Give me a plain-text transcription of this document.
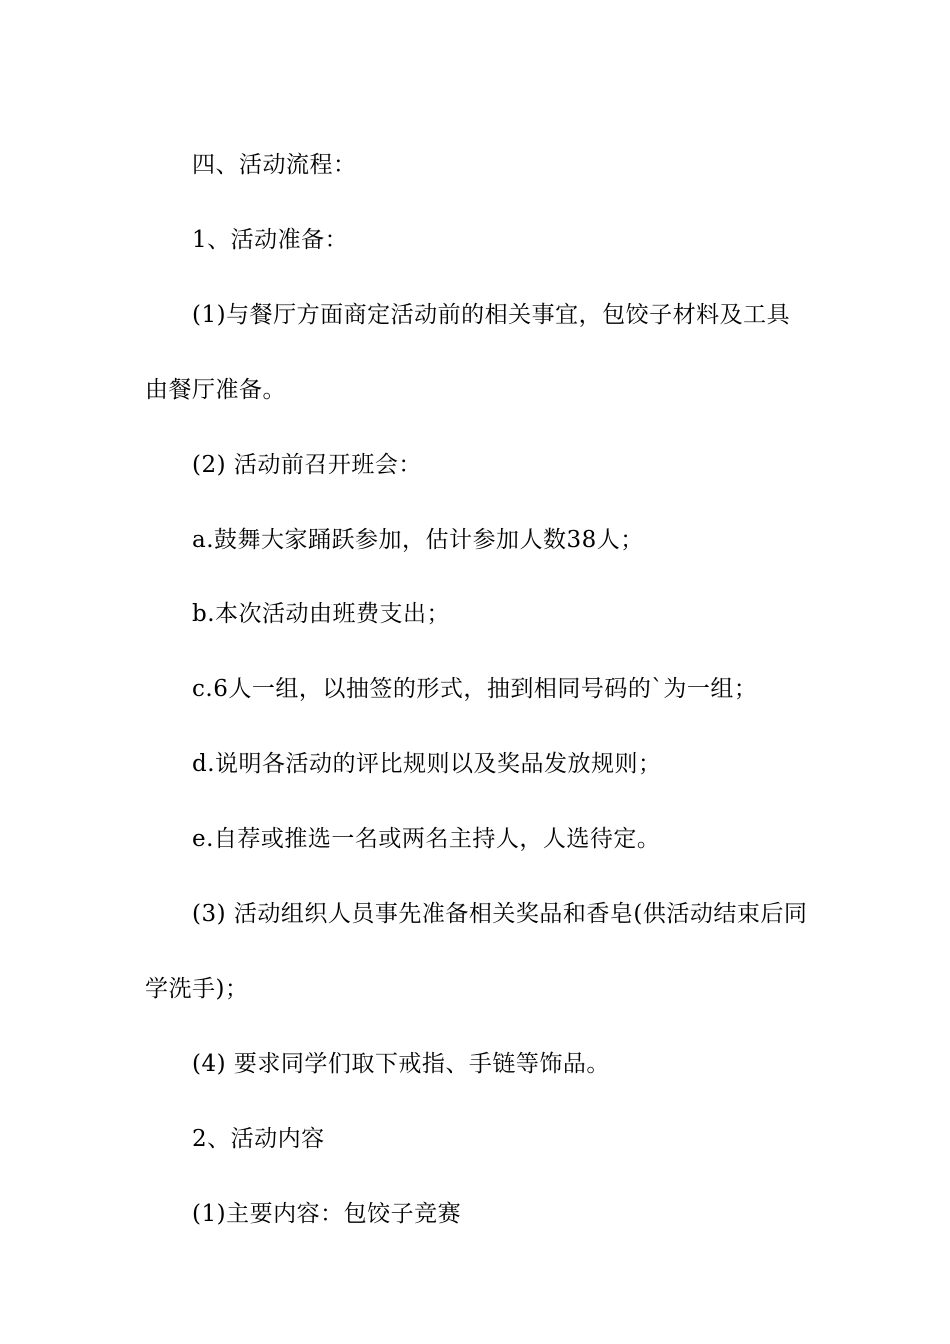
四、活动流程：

1、活动准备：

(1)与餐厅方面商定活动前的相关事宜，包饺子材料及工具由餐厅准备。

(2) 活动前召开班会：

a.鼓舞大家踊跃参加，估计参加人数38人；

b.本次活动由班费支出；

c.6人一组，以抽签的形式，抽到相同号码的`为一组；

d.说明各活动的评比规则以及奖品发放规则；

e.自荐或推选一名或两名主持人，人选待定。

(3) 活动组织人员事先准备相关奖品和香皂(供活动结束后同学洗手)；

(4) 要求同学们取下戒指、手链等饰品。

2、活动内容

(1)主要内容：包饺子竞赛
